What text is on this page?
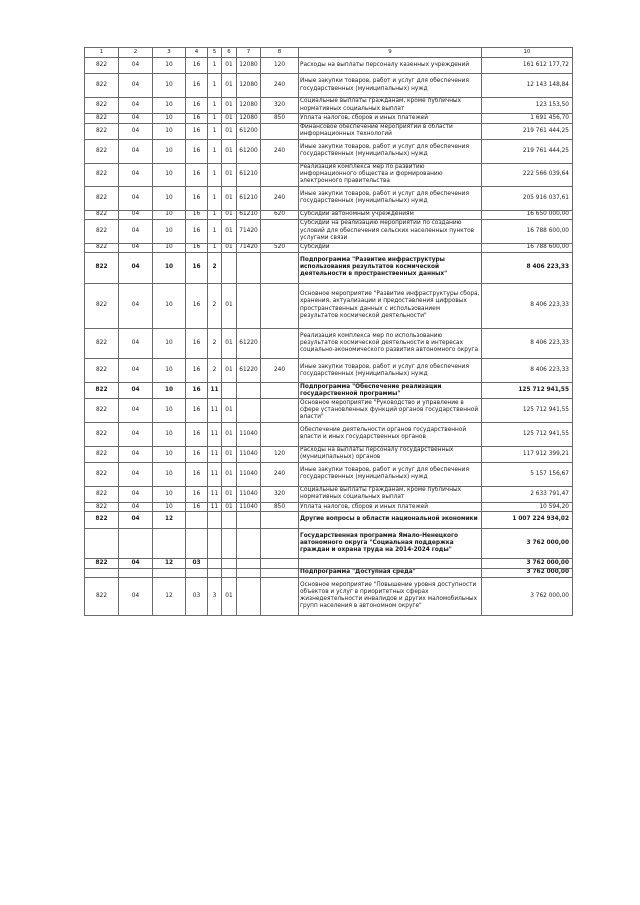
1	2	3	4	5	6	7	8	9	10
822	04	10	16	1	01	12080	120	Расходы на выплаты персоналу казенных учреждений	161 612 177,72
822	04	10	16	1	01	12080	240	Иные закупки товаров, работ и услуг для обеспечения государственных (муниципальных) нужд	12 143 148,84
822	04	10	16	1	01	12080	320	Социальные выплаты гражданам, кроме публичных нормативных социальных выплат	123 153,50
822	04	10	16	1	01	12080	850	Уплата налогов, сборов и иных платежей	1 691 456,70
822	04	10	16	1	01	61200		Финансовое обеспечение мероприятий в области информационных технологий	219 761 444,25
822	04	10	16	1	01	61200	240	Иные закупки товаров, работ и услуг для обеспечения государственных (муниципальных) нужд	219 761 444,25
822	04	10	16	1	01	61210		Реализация комплекса мер по развитию информационного общества и формированию электронного правительства	222 566 039,64
822	04	10	16	1	01	61210	240	Иные закупки товаров, работ и услуг для обеспечения государственных (муниципальных) нужд	205 916 037,61
822	04	10	16	1	01	61210	620	Субсидии автономным учреждениям	16 650 000,00
822	04	10	16	1	01	71420		Субсидии на реализацию мероприятий по созданию условий для обеспечения сельских населенных пунктов услугами связи	16 788 600,00
822	04	10	16	1	01	71420	520	Субсидии	16 788 600,00
822	04	10	16	2				Подпрограмма "Развитие инфраструктуры использования результатов космической деятельности в пространственных данных"	8 406 223,33
822	04	10	16	2	01			Основное мероприятие "Развитие инфраструктуры сбора, хранения, актуализации и предоставления цифровых пространственных данных с использованием результатов космической деятельности"	8 406 223,33
822	04	10	16	2	01	61220		Реализация комплекса мер по использованию результатов космической деятельности в интересах социально-экономического развития автономного округа	8 406 223,33
822	04	10	16	2	01	61220	240	Иные закупки товаров, работ и услуг для обеспечения государственных (муниципальных) нужд	8 406 223,33
822	04	10	16	11				Подпрограмма "Обеспечение реализации государственной программы"	125 712 941,55
822	04	10	16	11	01			Основное мероприятие "Руководство и управление в сфере установленных функций органов государственной власти"	125 712 941,55
822	04	10	16	11	01	11040		Обеспечение деятельности органов государственной власти и иных государственных органов	125 712 941,55
822	04	10	16	11	01	11040	120	Расходы на выплаты персоналу государственных (муниципальных) органов	117 912 399,21
822	04	10	16	11	01	11040	240	Иные закупки товаров, работ и услуг для обеспечения государственных (муниципальных) нужд	5 157 156,67
822	04	10	16	11	01	11040	320	Социальные выплаты гражданам, кроме публичных нормативных социальных выплат	2 633 791,47
822	04	10	16	11	01	11040	850	Уплата налогов, сборов и иных платежей	10 594,20
822	04	12						Другие вопросы в области национальной экономики	1 007 224 934,02
								Государственная программа Ямало-Ненецкого автономного округа "Социальная поддержка граждан и охрана труда на 2014-2024 годы"	3 762 000,00
822	04	12	03						3 762 000,00
								Подпрограмма "Доступная среда"	3 762 000,00
822	04	12	03	3	01			Основное мероприятие "Повышение уровня доступности объектов и услуг в приоритетных сферах жизнедеятельности инвалидов и других маломобильных групп населения в автономном округе"	3 762 000,00
